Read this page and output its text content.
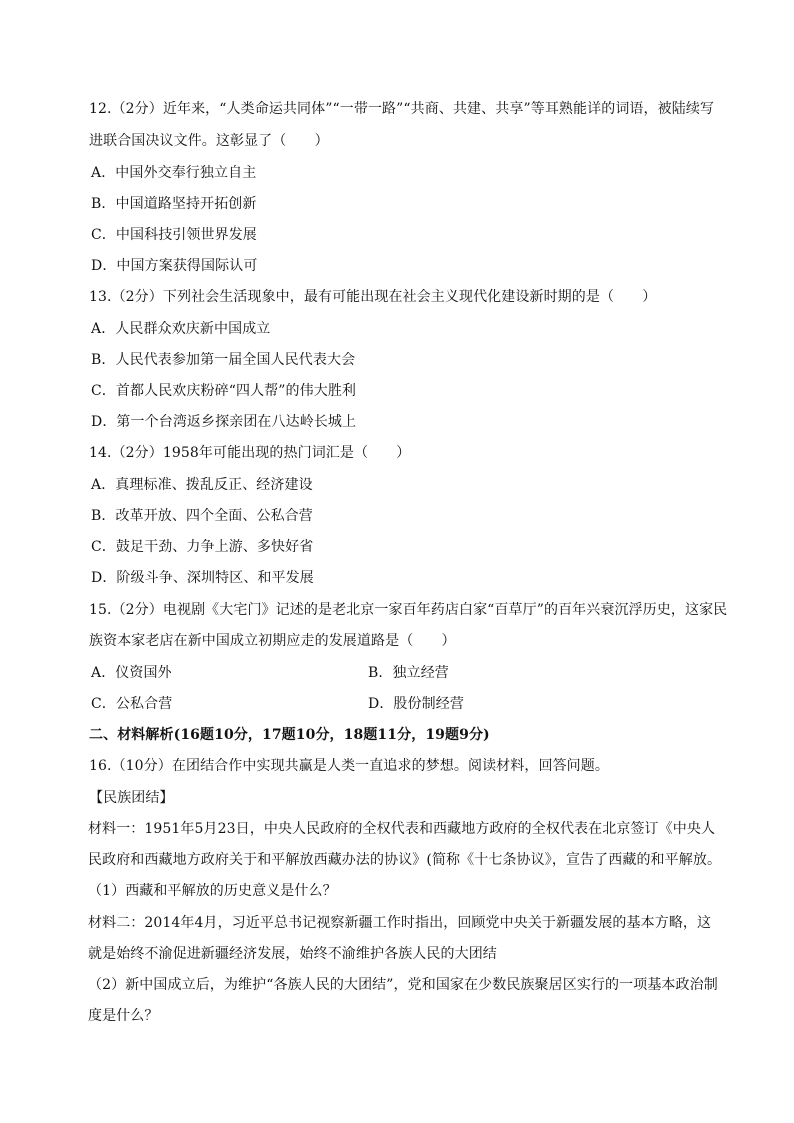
12.（2分）近年来，“人类命运共同体”“一带一路”“共商、共建、共享”等耳熟能详的词语，被陆续写
进联合国决议文件。这彰显了（　　）
A．中国外交奉行独立自主
B．中国道路坚持开拓创新
C．中国科技引领世界发展
D．中国方案获得国际认可
13.（2分）下列社会生活现象中，最有可能出现在社会主义现代化建设新时期的是（　　）
A．人民群众欢庆新中国成立
B．人民代表参加第一届全国人民代表大会
C．首都人民欢庆粉碎“四人帮”的伟大胜利
D．第一个台湾返乡探亲团在八达岭长城上
14.（2分）1958年可能出现的热门词汇是（　　）
A．真理标准、拨乱反正、经济建设
B．改革开放、四个全面、公私合营
C．鼓足干劲、力争上游、多快好省
D．阶级斗争、深圳特区、和平发展
15.（2分）电视剧《大宅门》记述的是老北京一家百年药店白家“百草厅”的百年兴衰沉浮历史，这家民
族资本家老店在新中国成立初期应走的发展道路是（　　）
A．仪资国外	B．独立经营
C．公私合营	D．股份制经营
二、材料解析(16题10分，17题10分，18题11分，19题9分)
16.（10分）在团结合作中实现共赢是人类一直追求的梦想。阅读材料，回答问题。
【民族团结】
材料一：1951年5月23日，中央人民政府的全权代表和西藏地方政府的全权代表在北京签订《中央人
民政府和西藏地方政府关于和平解放西藏办法的协议》(简称《十七条协议》，宣告了西藏的和平解放。
（1）西藏和平解放的历史意义是什么？
材料二：2014年4月，习近平总书记视察新疆工作时指出，回顾党中央关于新疆发展的基本方略，这
就是始终不渝促进新疆经济发展，始终不渝维护各族人民的大团结
（2）新中国成立后，为维护“各族人民的大团结”，党和国家在少数民族聚居区实行的一项基本政治制
度是什么？
